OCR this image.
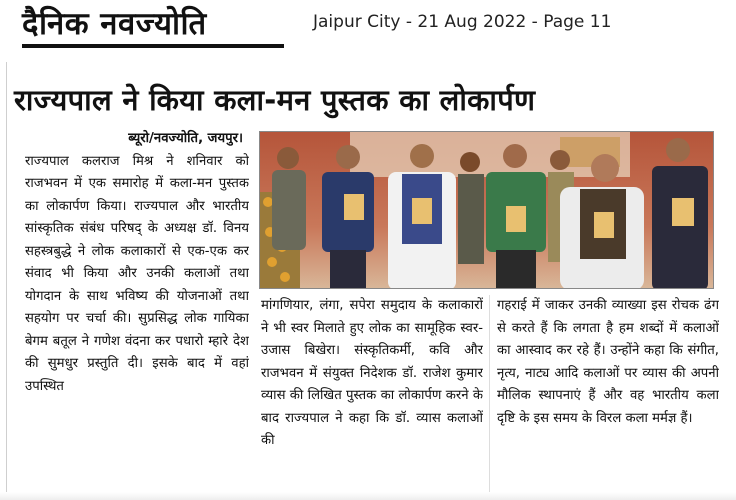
दैनिक नवज्योति	Jaipur City - 21 Aug 2022 - Page 11
राज्यपाल ने किया कला-मन पुस्तक का लोकार्पण

ब्यूरो/नवज्योति, जयपुर।

राज्यपाल कलराज मिश्र ने शनिवार को राजभवन में एक समारोह में कला-मन पुस्तक का लोकार्पण किया। राज्यपाल और भारतीय सांस्कृतिक संबंध परिषद् के अध्यक्ष डॉ. विनय सहस्त्रबुद्धे ने लोक कलाकारों से एक-एक कर संवाद भी किया और उनकी कलाओं तथा योगदान के साथ भविष्य की योजनाओं तथा सहयोग पर चर्चा की। सुप्रसिद्ध लोक गायिका बेगम बतूल ने गणेश वंदना कर पधारो म्हारे देश की सुमधुर प्रस्तुति दी। इसके बाद में वहां उपस्थित

मांगणियार, लंगा, सपेरा समुदाय के कलाकारों ने भी स्वर मिलाते हुए लोक का सामूहिक स्वर-उजास बिखेरा। संस्कृतिकर्मी, कवि और राजभवन में संयुक्त निदेशक डॉ. राजेश कुमार व्यास की लिखित पुस्तक का लोकार्पण करने के बाद राज्यपाल ने कहा कि डॉ. व्यास कलाओं की

गहराई में जाकर उनकी व्याख्या इस रोचक ढंग से करते हैं कि लगता है हम शब्दों में कलाओं का आस्वाद कर रहे हैं। उन्होंने कहा कि संगीत, नृत्य, नाट्य आदि कलाओं पर व्यास की अपनी मौलिक स्थापनाएं हैं और वह भारतीय कला दृष्टि के इस समय के विरल कला मर्मज्ञ हैं।
